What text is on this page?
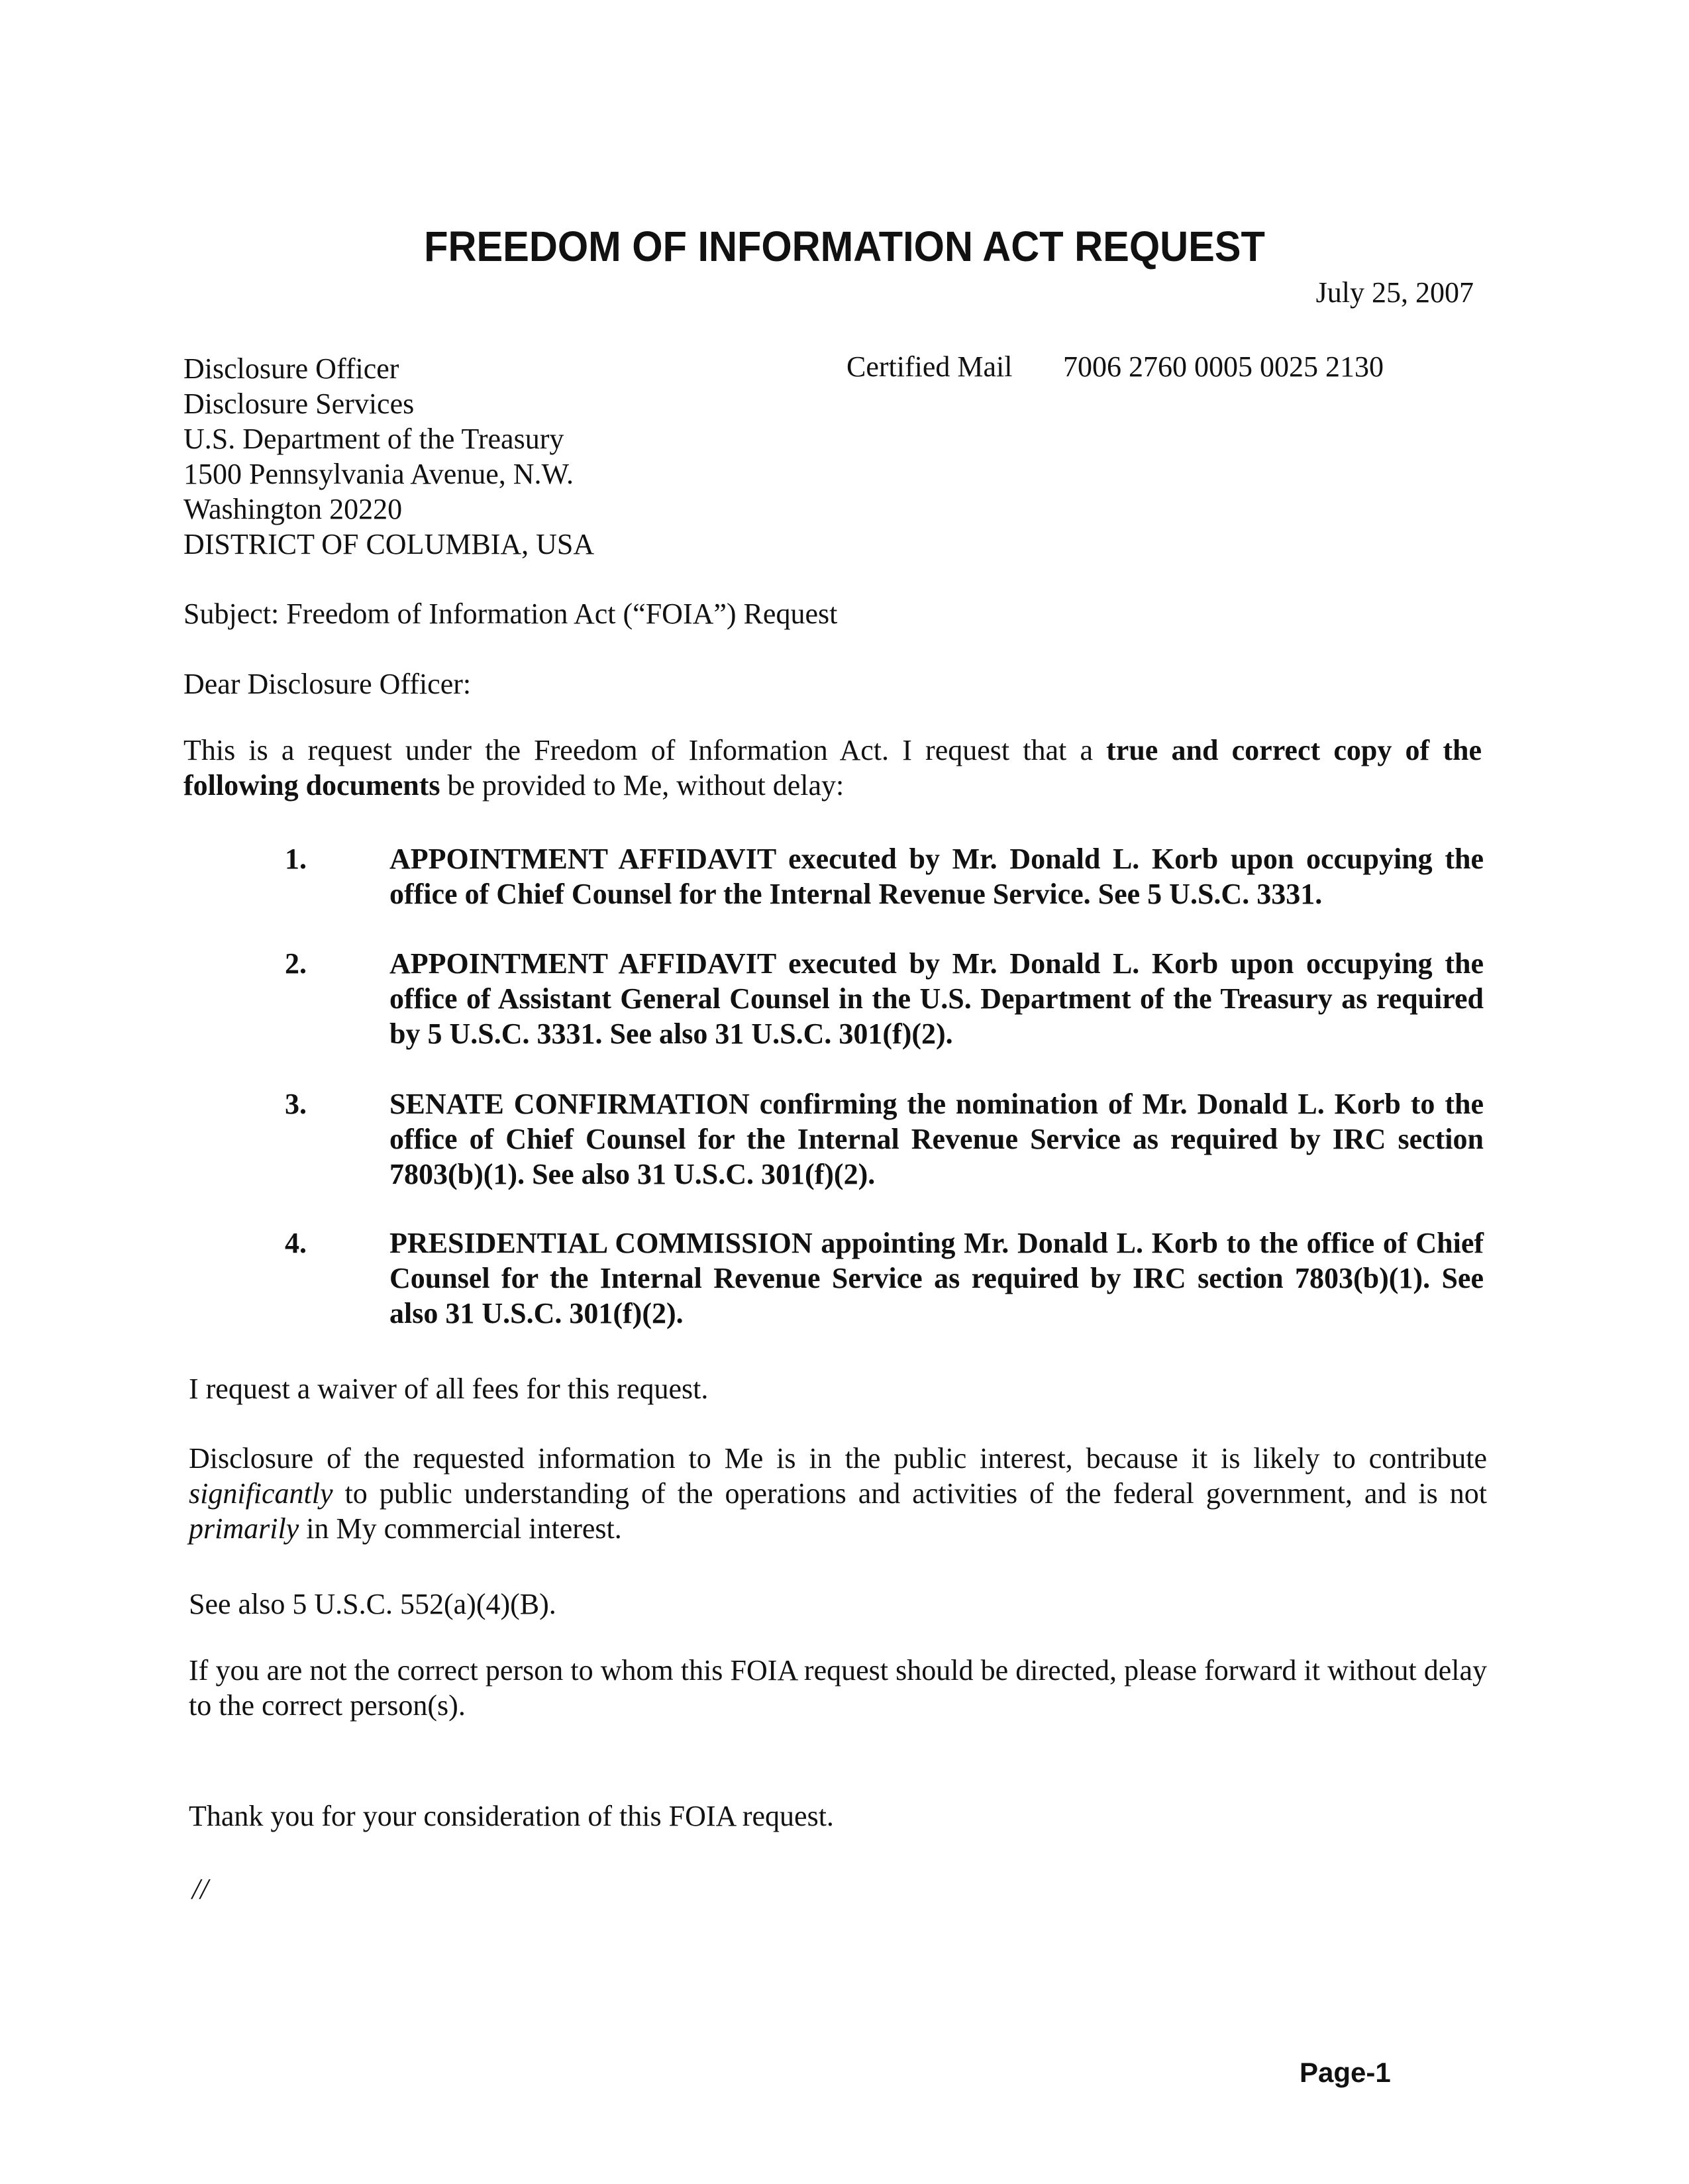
FREEDOM OF INFORMATION ACT REQUEST
July 25, 2007
Disclosure Officer
Disclosure Services
U.S. Department of the Treasury
1500 Pennsylvania Avenue, N.W.
Washington 20220
DISTRICT OF COLUMBIA, USA
Certified Mail 7006 2760 0005 0025 2130
Subject: Freedom of Information Act (“FOIA”) Request
Dear Disclosure Officer:

This is a request under the Freedom of Information Act. I request that a true and correct copy of the following documents be provided to Me, without delay:

1.	APPOINTMENT AFFIDAVIT executed by Mr. Donald L. Korb upon occupying the office of Chief Counsel for the Internal Revenue Service. See 5 U.S.C. 3331.
2.	APPOINTMENT AFFIDAVIT executed by Mr. Donald L. Korb upon occupying the office of Assistant General Counsel in the U.S. Department of the Treasury as required by 5 U.S.C. 3331. See also 31 U.S.C. 301(f)(2).
3.	SENATE CONFIRMATION confirming the nomination of Mr. Donald L. Korb to the office of Chief Counsel for the Internal Revenue Service as required by IRC section 7803(b)(1). See also 31 U.S.C. 301(f)(2).
4.	PRESIDENTIAL COMMISSION appointing Mr. Donald L. Korb to the office of Chief Counsel for the Internal Revenue Service as required by IRC section 7803(b)(1). See also 31 U.S.C. 301(f)(2).
I request a waiver of all fees for this request.

Disclosure of the requested information to Me is in the public interest, because it is likely to contribute significantly to public understanding of the operations and activities of the federal government, and is not primarily in My commercial interest.

See also 5 U.S.C. 552(a)(4)(B).

If you are not the correct person to whom this FOIA request should be directed, please forward it without delay to the correct person(s).

Thank you for your consideration of this FOIA request.
//
Page-1
